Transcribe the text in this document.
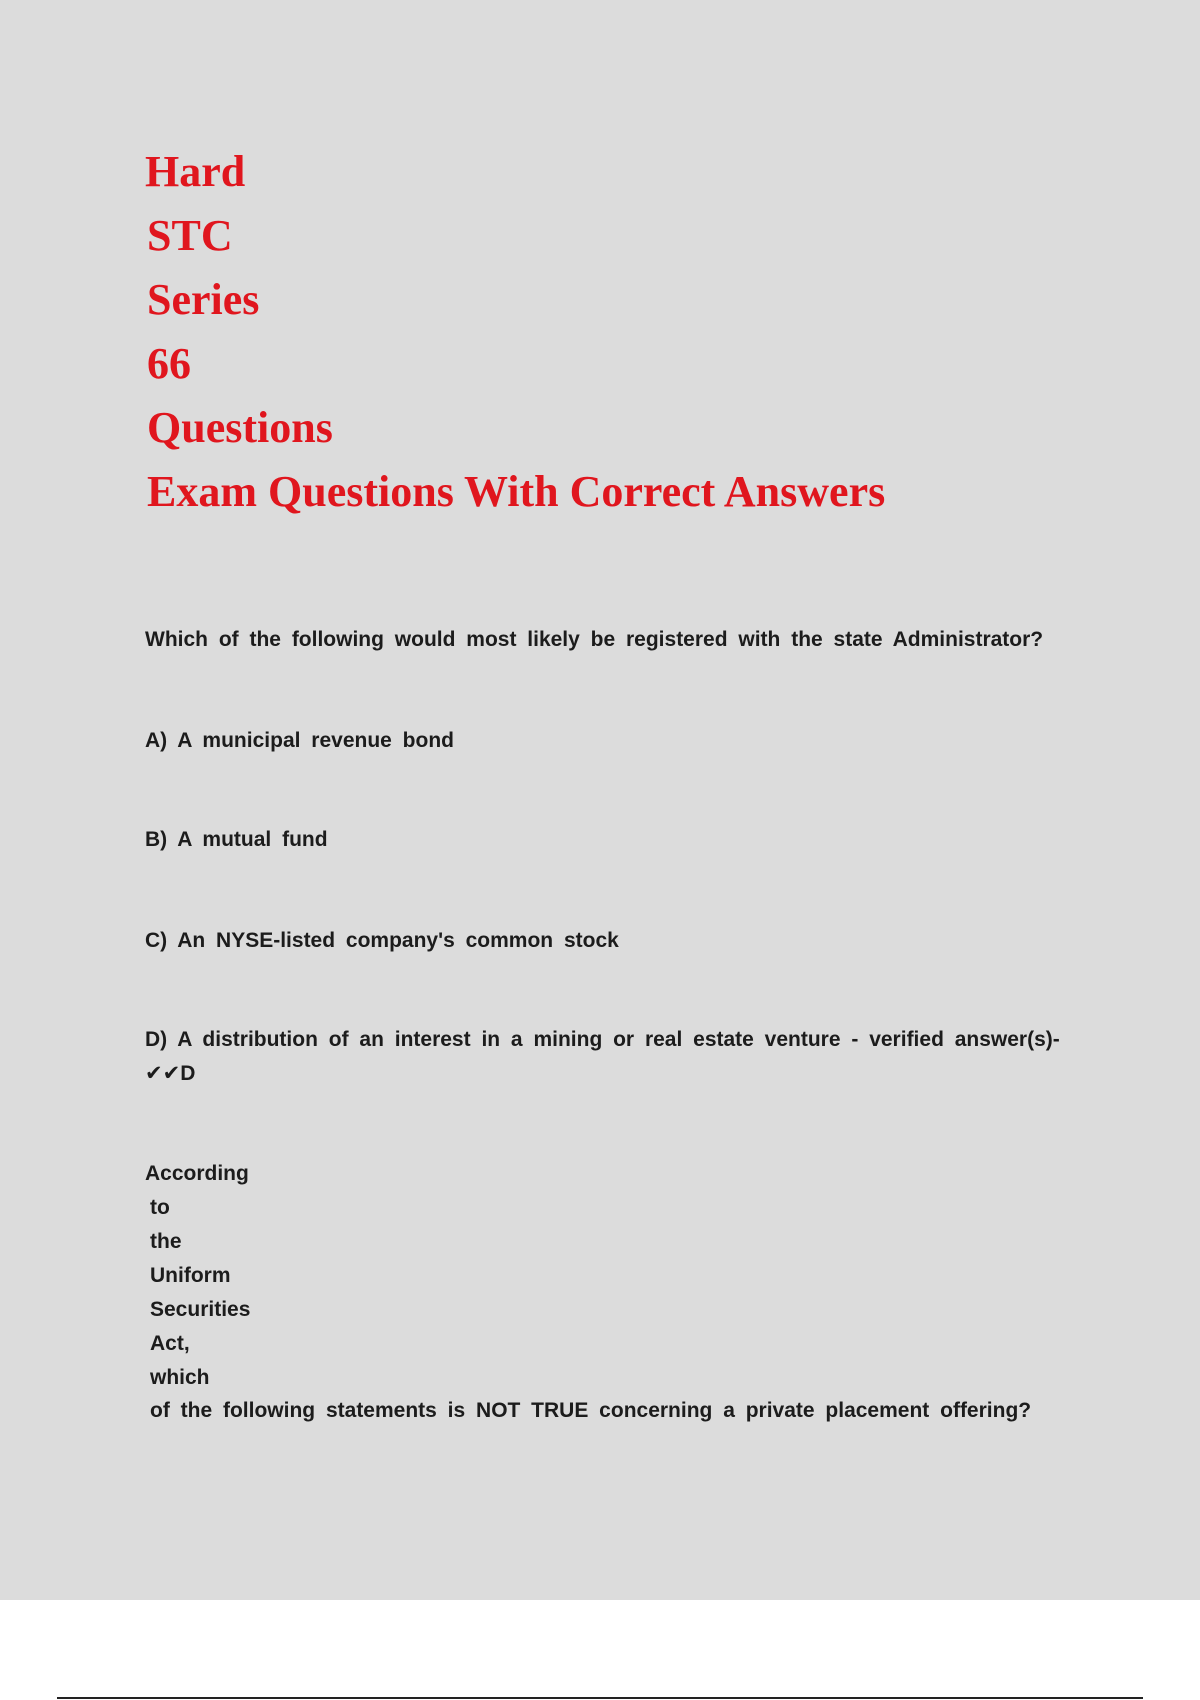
Hard
STC
Series
66
Questions
Exam Questions With Correct Answers
Which of the following would most likely be registered with the state Administrator?
A) A municipal revenue bond
B) A mutual fund
C) An NYSE-listed company's common stock
D) A distribution of an interest in a mining or real estate venture - verified answer(s)-
✔✔D
According
to
the
Uniform
Securities
Act,
which
of the following statements is NOT TRUE concerning a private placement offering?
